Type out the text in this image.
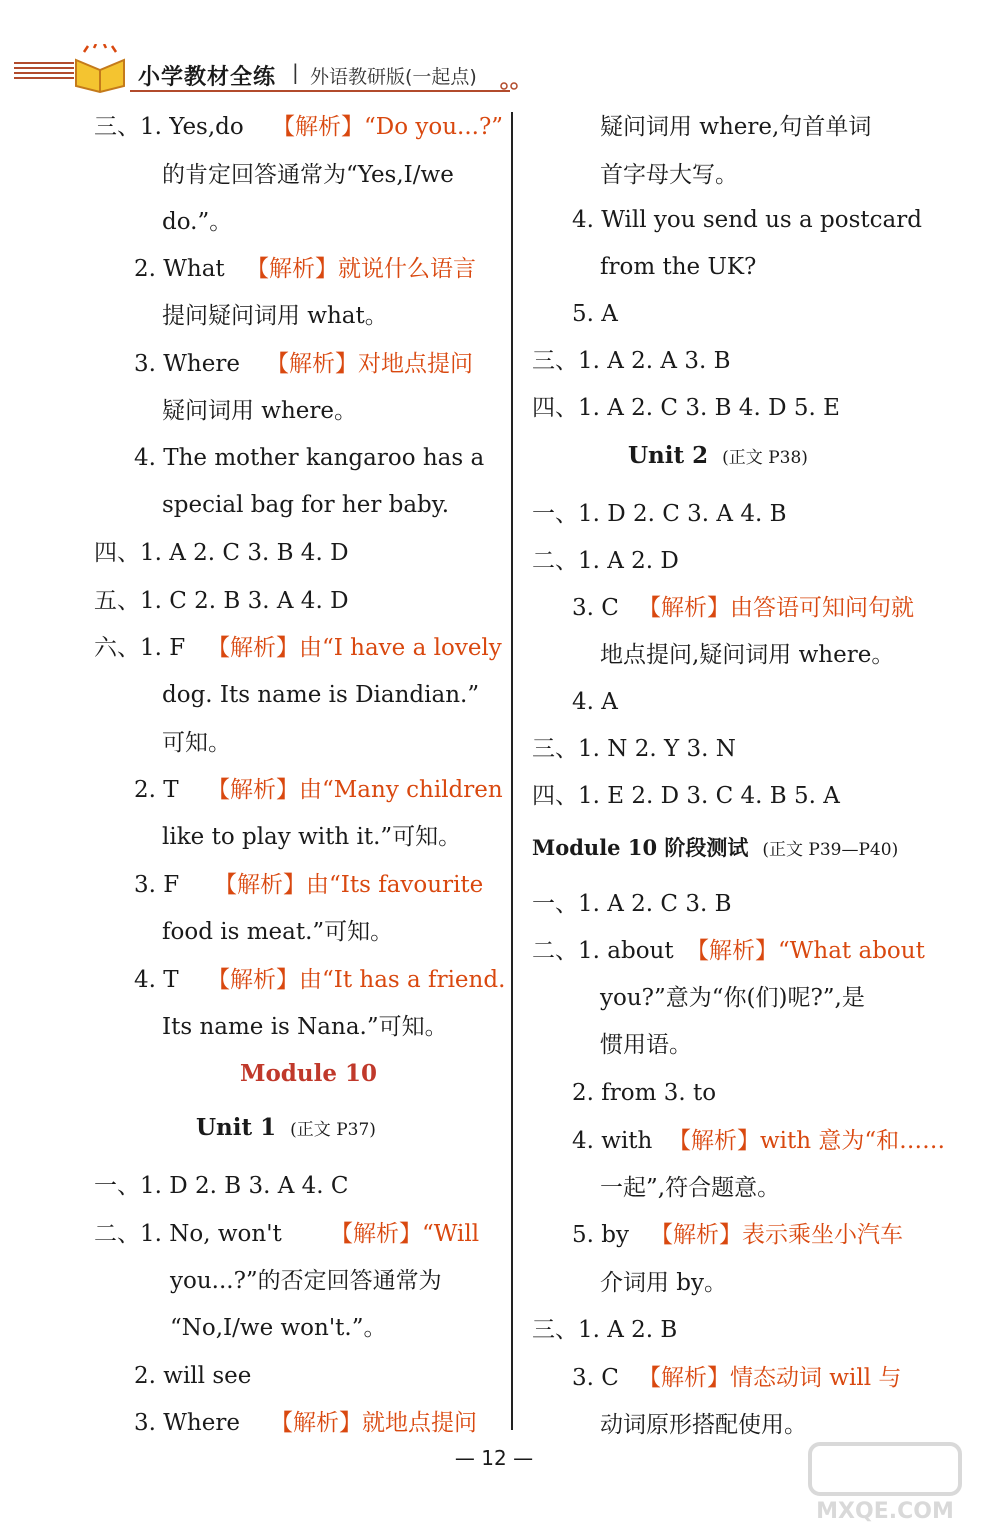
小学教材全练 | 外语教研版(一起点)
Module 10
Unit 1 (正文 P37)
三、1. Yes,do 【解析】“Do you...?”
的肯定回答通常为“Yes,I/we
do.”。
2. What 【解析】就说什么语言
提问疑问词用 what。
3. Where 【解析】对地点提问
疑问词用 where。
4. The mother kangaroo has a
special bag for her baby.
四、1. A 2. C 3. B 4. D
五、1. C 2. B 3. A 4. D
六、1. F 【解析】由“I have a lovely
dog. Its name is Diandian.”
可知。
2. T 【解析】由“Many children
like to play with it.”可知。
3. F 【解析】由“Its favourite
food is meat.”可知。
4. T 【解析】由“It has a friend.
Its name is Nana.”可知。
一、1. D 2. B 3. A 4. C
二、1. No, won't 【解析】“Will
you...?”的否定回答通常为
“No,I/we won't.”。
2. will see
3. Where 【解析】就地点提问
Unit 2 (正文 P38)
Module 10 阶段测试 (正文 P39—P40)
疑问词用 where,句首单词
首字母大写。
4. Will you send us a postcard
from the UK?
5. A
三、1. A 2. A 3. B
四、1. A 2. C 3. B 4. D 5. E
一、1. D 2. C 3. A 4. B
二、1. A 2. D
3. C 【解析】由答语可知问句就
地点提问,疑问词用 where。
4. A
三、1. N 2. Y 3. N
四、1. E 2. D 3. C 4. B 5. A
一、1. A 2. C 3. B
二、1. about 【解析】“What about
you?”意为“你(们)呢?”,是
惯用语。
2. from 3. to
4. with 【解析】with 意为“和……
一起”,符合题意。
5. by 【解析】表示乘坐小汽车
介词用 by。
三、1. A 2. B
3. C 【解析】情态动词 will 与
动词原形搭配使用。
— 12 —
MXQE.COM
